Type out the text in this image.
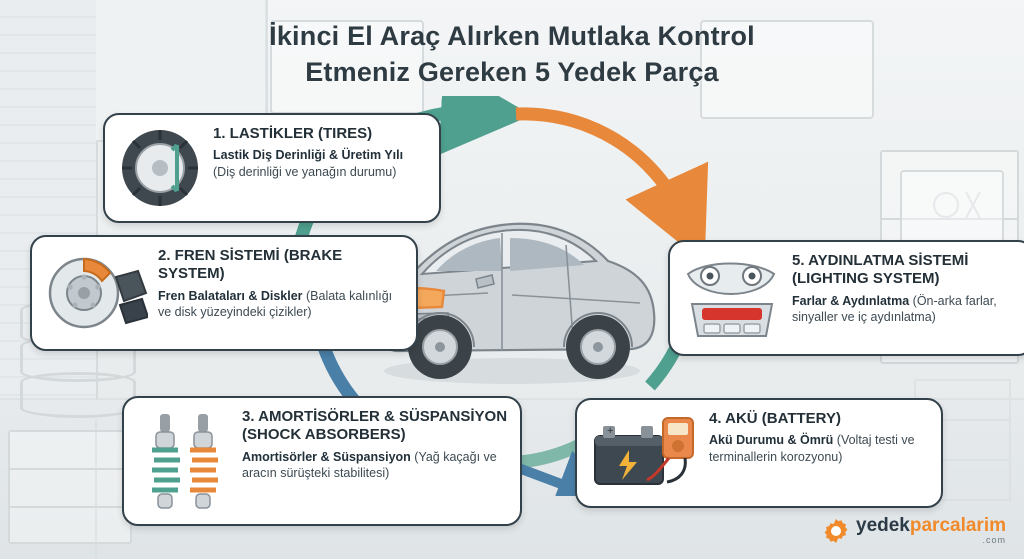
İkinci El Araç Alırken Mutlaka Kontrol
Etmeniz Gereken 5 Yedek Parça
1. LASTİKLER (TIRES)

Lastik Diş Derinliği & Üretim Yılı (Diş derinliği ve yanağın durumu)

2. FREN SİSTEMİ (BRAKE SYSTEM)

Fren Balataları & Diskler (Balata kalınlığı ve disk yüzeyindeki çizikler)

3. AMORTİSÖRLER & SÜSPANSİYON (SHOCK ABSORBERS)

Amortisörler & Süspansiyon (Yağ kaçağı ve aracın sürüşteki stabilitesi)

+
4. AKÜ (BATTERY)

Akü Durumu & Ömrü (Voltaj testi ve terminallerin korozyonu)

5. AYDINLATMA SİSTEMİ (LIGHTING SYSTEM)

Farlar & Aydınlatma (Ön-arka farlar, sinyaller ve iç aydınlatma)

yedekparcalarim
.com
